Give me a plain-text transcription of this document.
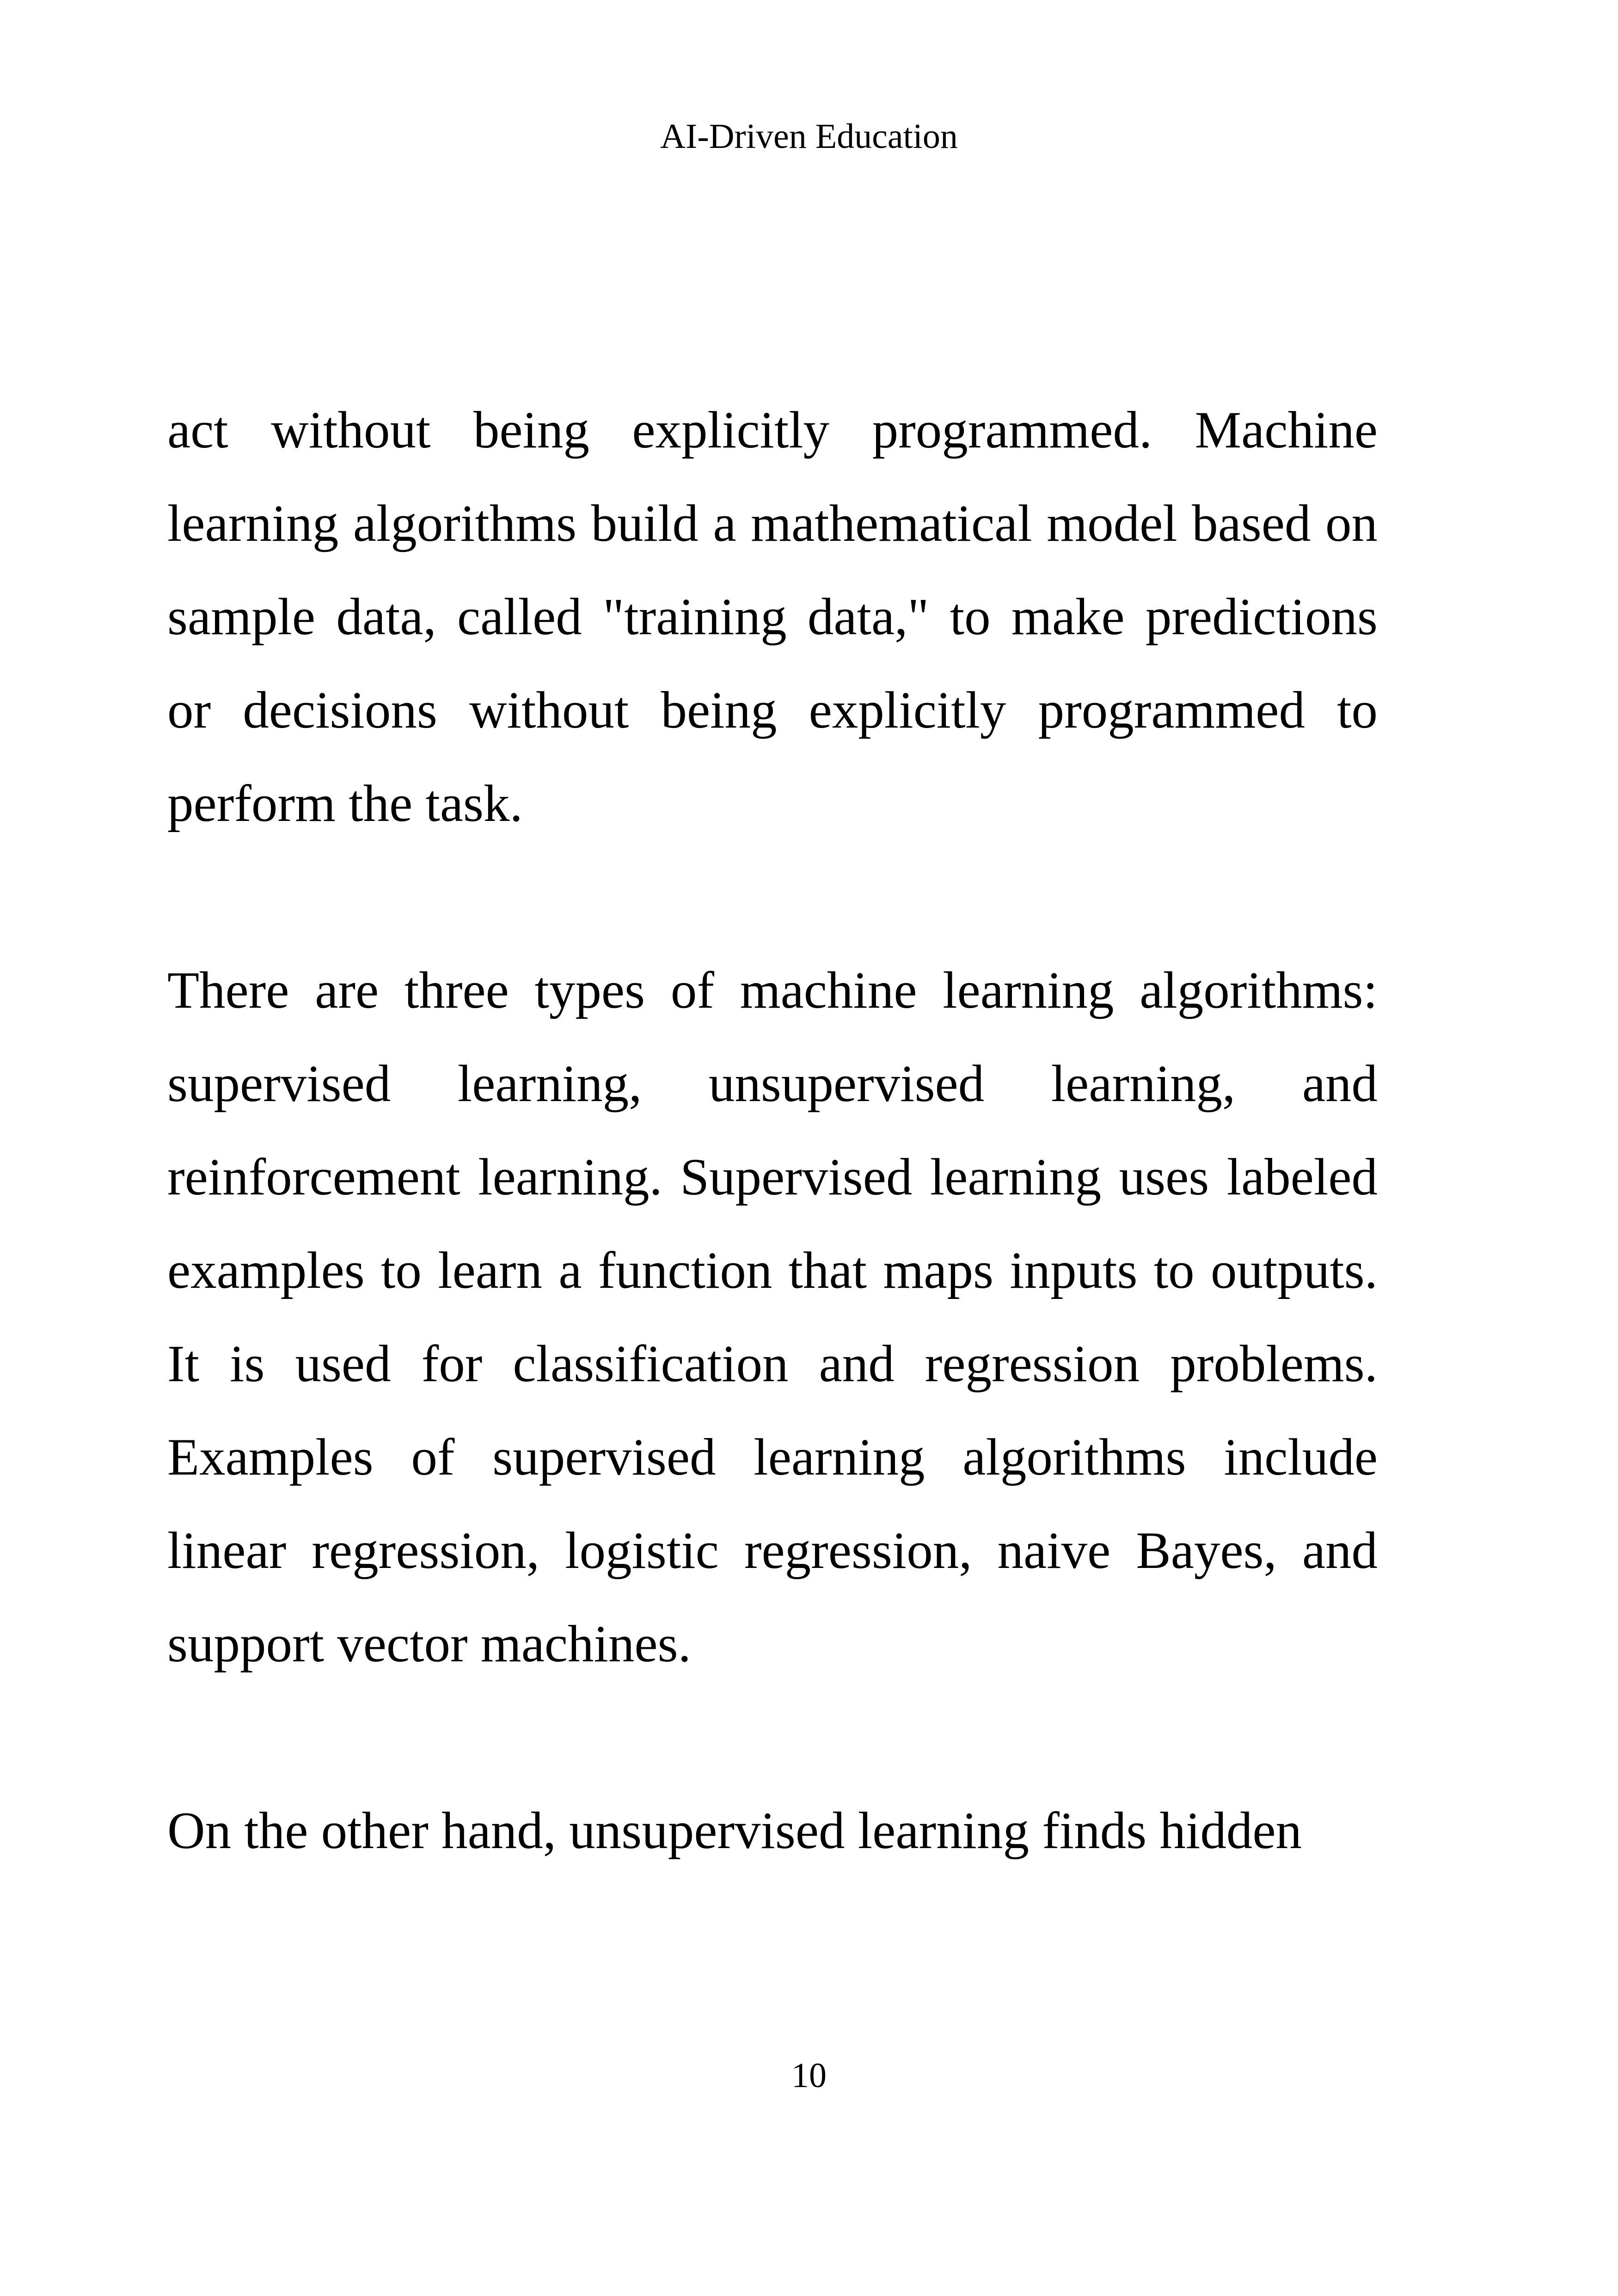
AI-Driven Education

act without being explicitly programmed. Machine learning algorithms build a mathematical model based on sample data, called "training data," to make predictions or decisions without being explicitly programmed to perform the task.

There are three types of machine learning algorithms: supervised learning, unsupervised learning, and reinforcement learning. Supervised learning uses labeled examples to learn a function that maps inputs to outputs. It is used for classification and regression problems. Examples of supervised learning algorithms include linear regression, logistic regression, naive Bayes, and support vector machines.

On the other hand, unsupervised learning finds hidden

10
